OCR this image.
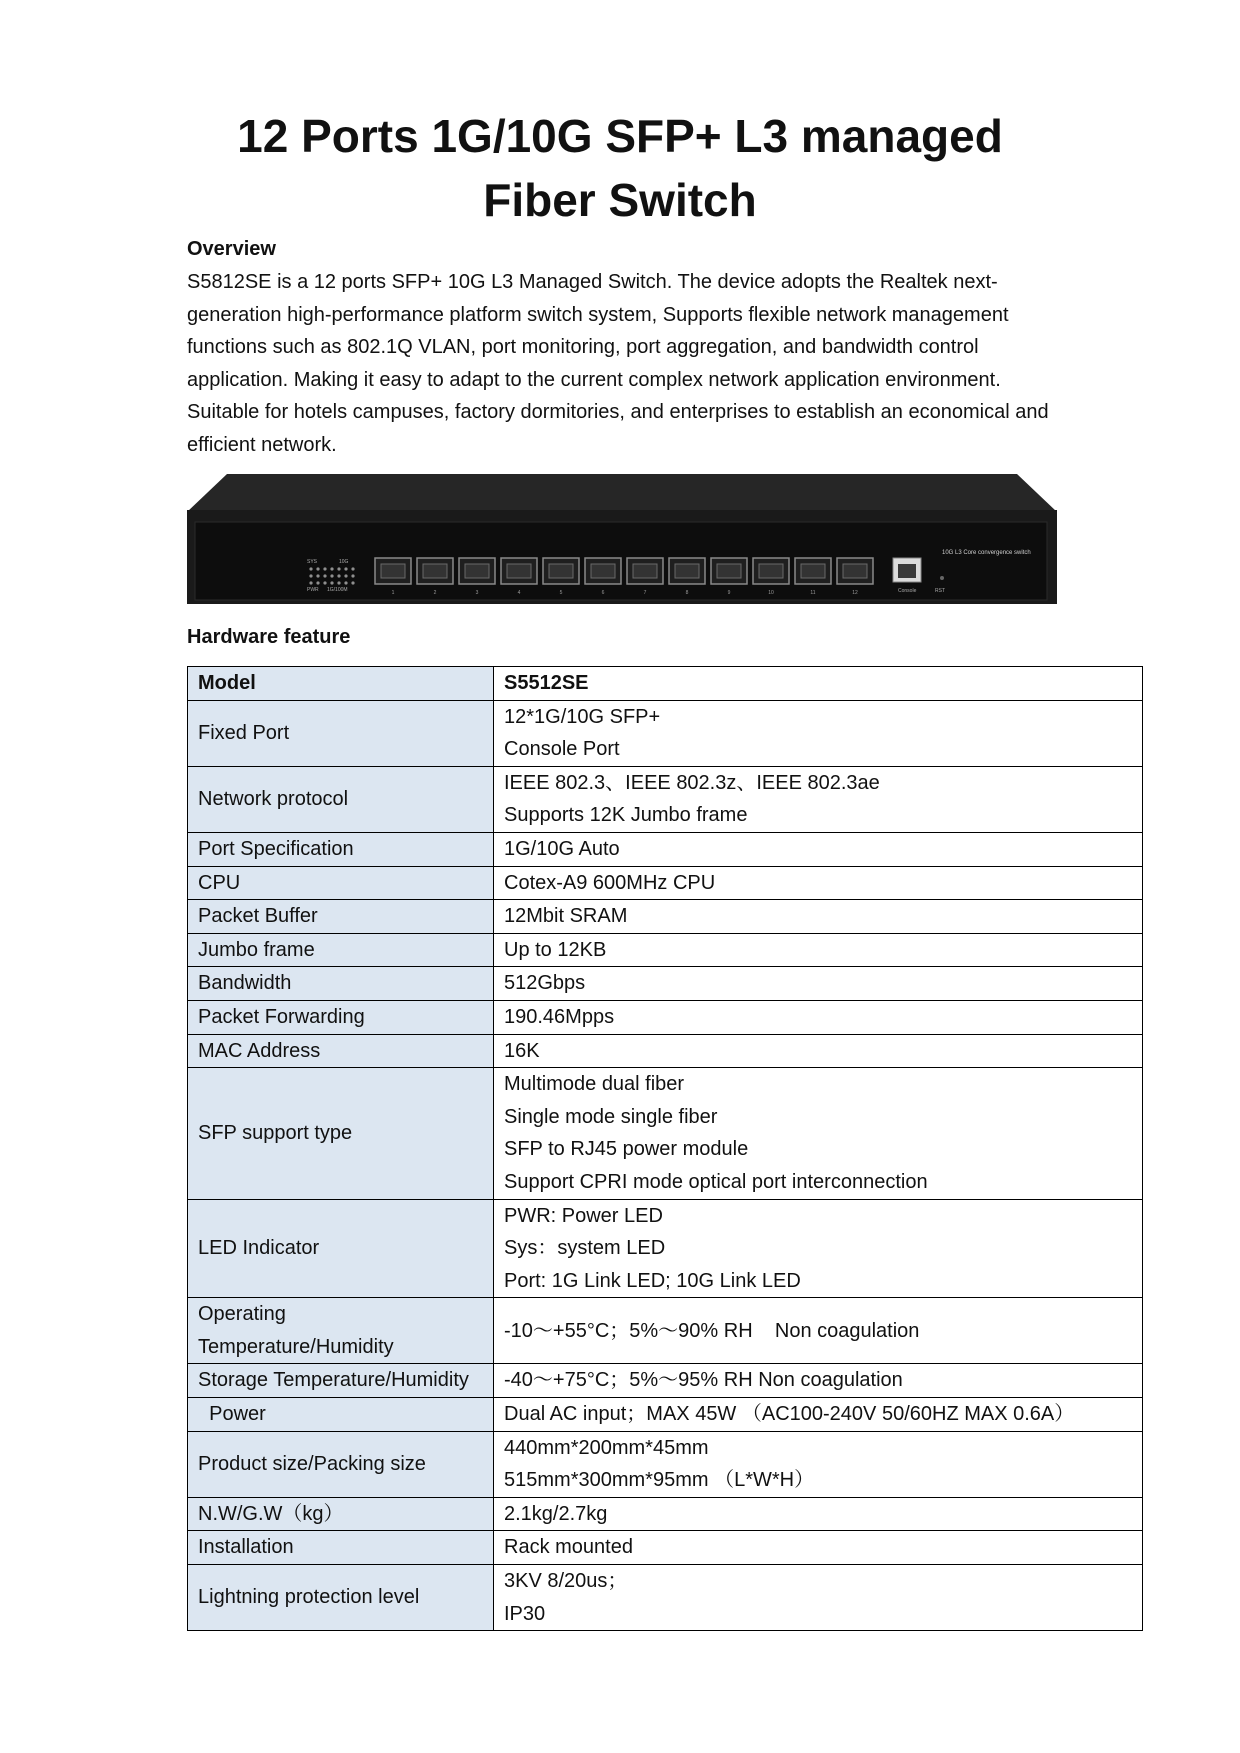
12 Ports 1G/10G SFP+ L3 managed
Fiber Switch
Overview

S5812SE is a 12 ports SFP+ 10G L3 Managed Switch. The device adopts the Realtek next-generation high-performance platform switch system, Supports flexible network management functions such as 802.1Q VLAN, port monitoring, port aggregation, and bandwidth control application. Making it easy to adapt to the current complex network application environment. Suitable for hotels campuses, factory dormitories, and enterprises to establish an economical and efficient network.

SYS	10G
PWR 1G/100M	1	2	3	4	5	6	7	8	9	10	11	12	Console	RST
10G L3 Core convergence switch
Hardware feature
Model	S5512SE
Fixed Port	12*1G/10G SFP+
Console Port

Network protocol	IEEE 802.3、IEEE 802.3z、IEEE 802.3ae
Supports 12K Jumbo frame

Port Specification	1G/10G Auto

CPU	Cotex-A9 600MHz CPU

Packet Buffer	12Mbit SRAM

Jumbo frame	Up to 12KB

Bandwidth	512Gbps

Packet Forwarding	190.46Mpps

MAC Address	16K

SFP support type	Multimode dual fiber
Single mode single fiber
SFP to RJ45 power module
Support CPRI mode optical port interconnection

LED Indicator	PWR: Power LED
Sys：system LED
Port: 1G Link LED; 10G Link LED

Operating Temperature/Humidity	-10～+55°C；5%～90% RH    Non coagulation

Storage Temperature/Humidity	-40～+75°C；5%～95% RH Non coagulation

Power	Dual AC input；MAX 45W （AC100-240V 50/60HZ MAX 0.6A）

Product size/Packing size	440mm*200mm*45mm
515mm*300mm*95mm （L*W*H）

N.W/G.W（kg）	2.1kg/2.7kg

Installation	Rack mounted

Lightning protection level	3KV 8/20us；
IP30
